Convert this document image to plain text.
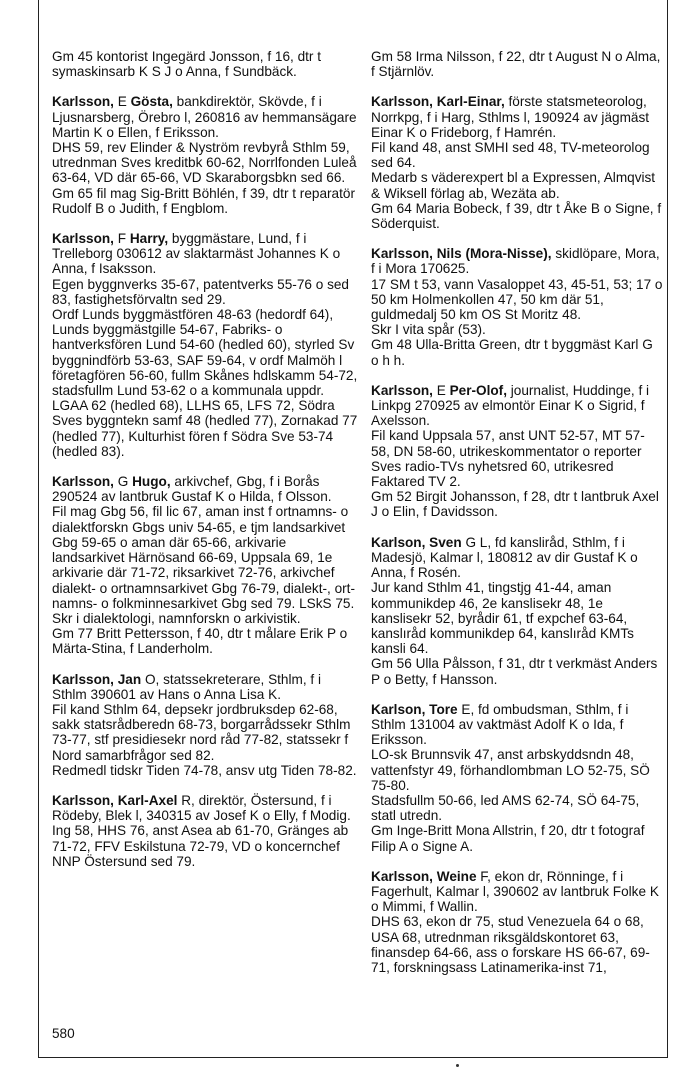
Gm 45 kontorist Ingegärd Jonsson, f 16, dtr t symaskinsarb K S J o Anna, f Sundbäck.

Karlsson, E Gösta, bankdirektör, Skövde, f i Ljusnarsberg, Örebro l, 260816 av hemmansägare Martin K o Ellen, f Eriksson.

DHS 59, rev Elinder & Nyström revbyrå Sthlm 59, utrednman Sves kreditbk 60-62, Norrlfonden Luleå 63-64, VD där 65-66, VD Skaraborgsbkn sed 66.

Gm 65 fil mag Sig-Britt Böhlén, f 39, dtr t reparatör Rudolf B o Judith, f Engblom.

Karlsson, F Harry, byggmästare, Lund, f i Trelleborg 030612 av slaktarmäst Johannes K o Anna, f Isaksson.

Egen byggnverks 35-67, patentverks 55-76 o sed 83, fastighetsförvaltn sed 29.

Ordf Lunds byggmästfören 48-63 (hedordf 64), Lunds byggmästgille 54-67, Fabriks- o hantverksfören Lund 54-60 (hedled 60), styrled Sv byggnindförb 53-63, SAF 59-64, v ordf Malmöh l företagfören 56-60, fullm Skånes hdlskamm 54-72, stadsfullm Lund 53-62 o a kommunala uppdr.

LGAA 62 (hedled 68), LLHS 65, LFS 72, Södra Sves byggntekn samf 48 (hedled 77), Zornakad 77 (hedled 77), Kulturhist fören f Södra Sve 53-74 (hedled 83).

Karlsson, G Hugo, arkivchef, Gbg, f i Borås 290524 av lantbruk Gustaf K o Hilda, f Olsson.

Fil mag Gbg 56, fil lic 67, aman inst f ortnamns- o dialektforskn Gbgs univ 54-65, e tjm landsarkivet Gbg 59-65 o aman där 65-66, arkivarie landsarkivet Härnösand 66-69, Uppsala 69, 1e arkivarie där 71-72, riksarkivet 72-76, arkivchef dialekt- o ortnamnsarkivet Gbg 76-79, dialekt-, ortnamns- o folkminnesarkivet Gbg sed 79. LSkS 75.

Skr i dialektologi, namnforskn o arkivistik.

Gm 77 Britt Pettersson, f 40, dtr t målare Erik P o Märta-Stina, f Landerholm.

Karlsson, Jan O, statssekreterare, Sthlm, f i Sthlm 390601 av Hans o Anna Lisa K.

Fil kand Sthlm 64, depsekr jordbruksdep 62-68, sakk statsrådberedn 68-73, borgarrådssekr Sthlm 73-77, stf presidiesekr nord råd 77-82, statssekr f Nord samarbfrågor sed 82.

Redmedl tidskr Tiden 74-78, ansv utg Tiden 78-82.

Karlsson, Karl-Axel R, direktör, Östersund, f i Rödeby, Blek l, 340315 av Josef K o Elly, f Modig.

Ing 58, HHS 76, anst Asea ab 61-70, Gränges ab 71-72, FFV Eskilstuna 72-79, VD o koncernchef NNP Östersund sed 79.

Gm 58 Irma Nilsson, f 22, dtr t August N o Alma, f Stjärnlöv.

Karlsson, Karl-Einar, förste statsmeteorolog, Norrkpg, f i Harg, Sthlms l, 190924 av jägmäst Einar K o Frideborg, f Hamrén.

Fil kand 48, anst SMHI sed 48, TV-meteorolog sed 64.

Medarb s väderexpert bl a Expressen, Almqvist & Wiksell förlag ab, Wezäta ab.

Gm 64 Maria Bobeck, f 39, dtr t Åke B o Signe, f Söderquist.

Karlsson, Nils (Mora-Nisse), skidlöpare, Mora, f i Mora 170625.

17 SM t 53, vann Vasaloppet 43, 45-51, 53; 17 o 50 km Holmenkollen 47, 50 km där 51, guldmedalj 50 km OS St Moritz 48.

Skr I vita spår (53).

Gm 48 Ulla-Britta Green, dtr t byggmäst Karl G o h h.

Karlsson, E Per-Olof, journalist, Huddinge, f i Linkpg 270925 av elmontör Einar K o Sigrid, f Axelsson.

Fil kand Uppsala 57, anst UNT 52-57, MT 57-58, DN 58-60, utrikeskommentator o reporter Sves radio-TVs nyhetsred 60, utrikesred Faktared TV 2.

Gm 52 Birgit Johansson, f 28, dtr t lantbruk Axel J o Elin, f Davidsson.

Karlson, Sven G L, fd kansliråd, Sthlm, f i Madesjö, Kalmar l, 180812 av dir Gustaf K o Anna, f Rosén.

Jur kand Sthlm 41, tingstjg 41-44, aman kommunikdep 46, 2e kanslisekr 48, 1e kanslisekr 52, byrådir 61, tf expchef 63-64, kanslıråd kommunikdep 64, kanslıråd KMTs kansli 64.

Gm 56 Ulla Pålsson, f 31, dtr t verkmäst Anders P o Betty, f Hansson.

Karlson, Tore E, fd ombudsman, Sthlm, f i Sthlm 131004 av vaktmäst Adolf K o Ida, f Eriksson.

LO-sk Brunnsvik 47, anst arbskyddsndn 48, vattenfstyr 49, förhandlombman LO 52-75, SÖ 75-80.

Stadsfullm 50-66, led AMS 62-74, SÖ 64-75, statl utredn.

Gm Inge-Britt Mona Allstrin, f 20, dtr t fotograf Filip A o Signe A.

Karlsson, Weine F, ekon dr, Rönninge, f i Fagerhult, Kalmar l, 390602 av lantbruk Folke K o Mimmi, f Wallin.

DHS 63, ekon dr 75, stud Venezuela 64 o 68, USA 68, utrednman riksgäldskontoret 63, finansdep 64-66, ass o forskare HS 66-67, 69-71, forskningsass Latinamerika-inst 71,

580
